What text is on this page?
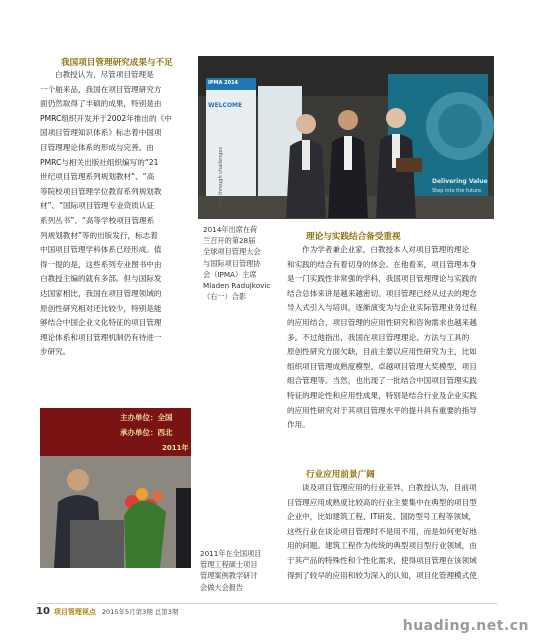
我国项目管理研究成果与不足
白教授认为，尽管项目管理是
一个舶来品，我国在项目管理研究方
面仍然取得了丰硕的成果，特别是由
PMRC组织开发并于2002年推出的《中
国项目管理知识体系》标志着中国项
目管理理论体系的形成与完善。由
PMRC与相关出版社组织编写的“21
世纪项目管理系列规划教材”、“高
等院校项目管理学位教育系列规划教
材”、“国际项目管理专业资质认证
系列丛书”、“高等学校项目管理系
列规划教材”等的出版发行，标志着
中国项目管理学科体系已经形成。值
得一提的是，这些系列专业图书中由
白教授主编的就有多部。但与国际发
达国家相比，我国在项目管理领域的
原创性研究相对还比较少，特别是能
够结合中国企业文化特征的项目管理
理论体系和项目管理机制仍有待进一
步研究。
IPMA 2014
WELCOME
Delivering Value
Step into the future
Step through challenges
2014年出席在荷
兰召开的第28届
全球项目管理大会
与国际项目管理协
会（IPMA）主席
Mladen Radujkovic
（右一）合影
理论与实践结合备受重视
作为学者兼企业家，白教授本人对项目管理的理论
和实践的结合有着切身的体会。在他看来，项目管理本身
是一门实践性非常强的学科，我国项目管理理论与实践的
结合总体来讲是越来越密切。项目管理已经从过去的理念
导入式引入与培训，逐渐演变为与企业实际管理业务过程
的应用结合，项目管理的应用性研究和咨询需求也越来越
多。不过他指出，我国在项目管理理论、方法与工具的
原创性研究方面欠缺，目前主要以应用性研究为主，比如
组织项目管理成熟度模型、卓越项目管理大奖模型、项目
组合管理等。当然，也出现了一批结合中国项目管理实践
特征的理论性和应用性成果，特别是结合行业及企业实践
的应用性研究对于其项目管理水平的提升具有重要的指导
作用。
主办单位：全国
承办单位：西北
2011年
2011年在全国项目
管理工程硕士项目
管理案例教学研讨
会做大会报告
行业应用前景广阔
谈及项目管理应用的行业差异，白教授认为，目前项
目管理应用成熟度比较高的行业主要集中在典型的项目型
企业中，比如建筑工程、IT研发、国防型号工程等领域，
这些行业在谈论项目管理时不是用不用，而是如何更好地
用的问题。建筑工程作为传统的典型项目型行业领域，由
于其产品的特殊性和个性化需求，使得项目管理在该领域
得到了较早的应用和较为深入的认知，项目化管理模式使
10 项目管理视点 2015年5月第3期 总第3期
huading.net.cn
